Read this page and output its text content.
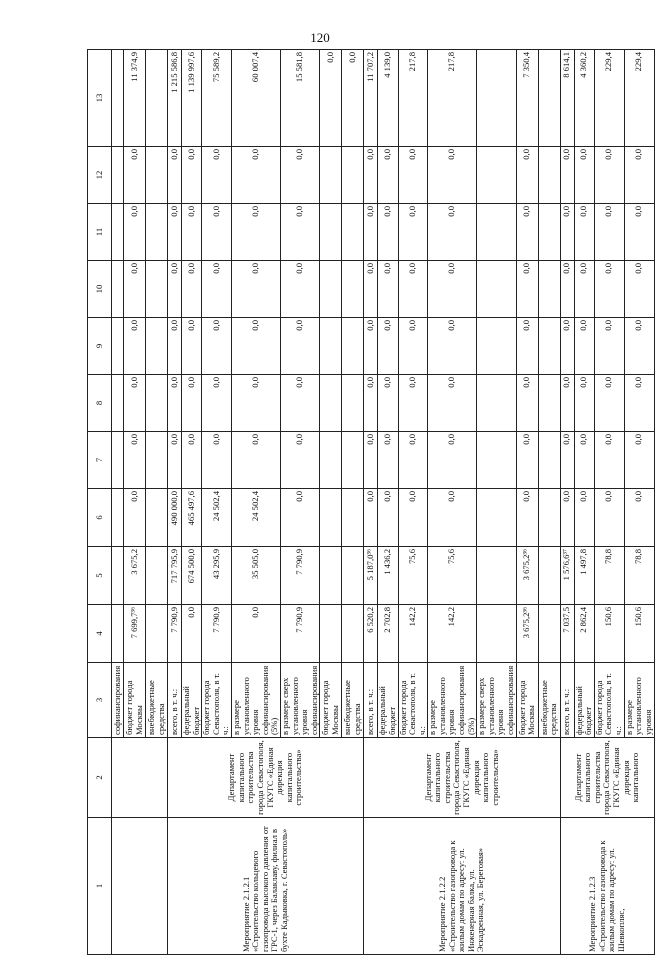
120
1	2	3	4	5	6	7	8	9	10	11	12	13
		софинансирования										
		бюджет города Москвы	7 699,7³⁶	3 675,2	0,0	0,0	0,0	0,0	0,0	0,0	0,0	11 374,9
		внебюджетные средства										
Мероприятие 2.1.2.1 «Строительство кольцевого газопровода высокого давления от ГРС-1, через Балаклаву, филиал в бухте Кадыковка, г. Севастополь»	Департамент капитального строительства города Севастополя, ГКУГС «Единая дирекция капитального строительства»	всего, в т. ч.:	7 790,9	717 795,9	490 000,0	0,0	0,0	0,0	0,0	0,0	0,0	1 215 586,8
		федеральный бюджет	0,0	674 500,0	465 497,6	0,0	0,0	0,0	0,0	0,0	0,0	1 139 997,6
		бюджет города Севастополя, в т. ч.:	7 790,9	43 295,9	24 502,4	0,0	0,0	0,0	0,0	0,0	0,0	75 589,2
		в размере установленного уровня софинансирования (5%)	0,0	35 505,0	24 502,4	0,0	0,0	0,0	0,0	0,0	0,0	60 007,4
		в размере сверх установленного уровня софинансирования	7 790,9	7 790,9	0,0	0,0	0,0	0,0	0,0	0,0	0,0	15 581,8
		бюджет города Москвы										0,0
		внебюджетные средства										0,0
Мероприятие 2.1.2.2 «Строительство газопровода к жилым домам по адресу: ул. Инженерная балка, ул. Эскадренная, ул. Береговая»	Департамент капитального строительства города Севастополя, ГКУГС «Единая дирекция капитального строительства»	всего, в т. ч.:	6 520,2	5 187,0³⁶	0,0	0,0	0,0	0,0	0,0	0,0	0,0	11 707,2
		федеральный бюджет	2 702,8	1 436,2	0,0	0,0	0,0	0,0	0,0	0,0	0,0	4 139,0
		бюджет города Севастополя, в т. ч.:	142,2	75,6	0,0	0,0	0,0	0,0	0,0	0,0	0,0	217,8
		в размере установленного уровня софинансирования (5%)	142,2	75,6	0,0	0,0	0,0	0,0	0,0	0,0	0,0	217,8
		в размере сверх установленного уровня софинансирования										
		бюджет города Москвы	3 675,2³⁶	3 675,2³⁶	0,0	0,0	0,0	0,0	0,0	0,0	0,0	7 350,4
		внебюджетные средства										
Мероприятие 2.1.2.3 «Строительство газопровода к жилым домам по адресу: ул. Шевкопляс,	Департамент капитального строительства города Севастополя, ГКУГС «Единая дирекция капитального	всего, в т. ч.:	7 037,5	1 576,6³⁷	0,0	0,0	0,0	0,0	0,0	0,0	0,0	8 614,1
		федеральный бюджет	2 862,4	1 497,8	0,0	0,0	0,0	0,0	0,0	0,0	0,0	4 360,2
		бюджет города Севастополя, в т. ч.:	150,6	78,8	0,0	0,0	0,0	0,0	0,0	0,0	0,0	229,4
		в размере установленного уровня	150,6	78,8	0,0	0,0	0,0	0,0	0,0	0,0	0,0	229,4
